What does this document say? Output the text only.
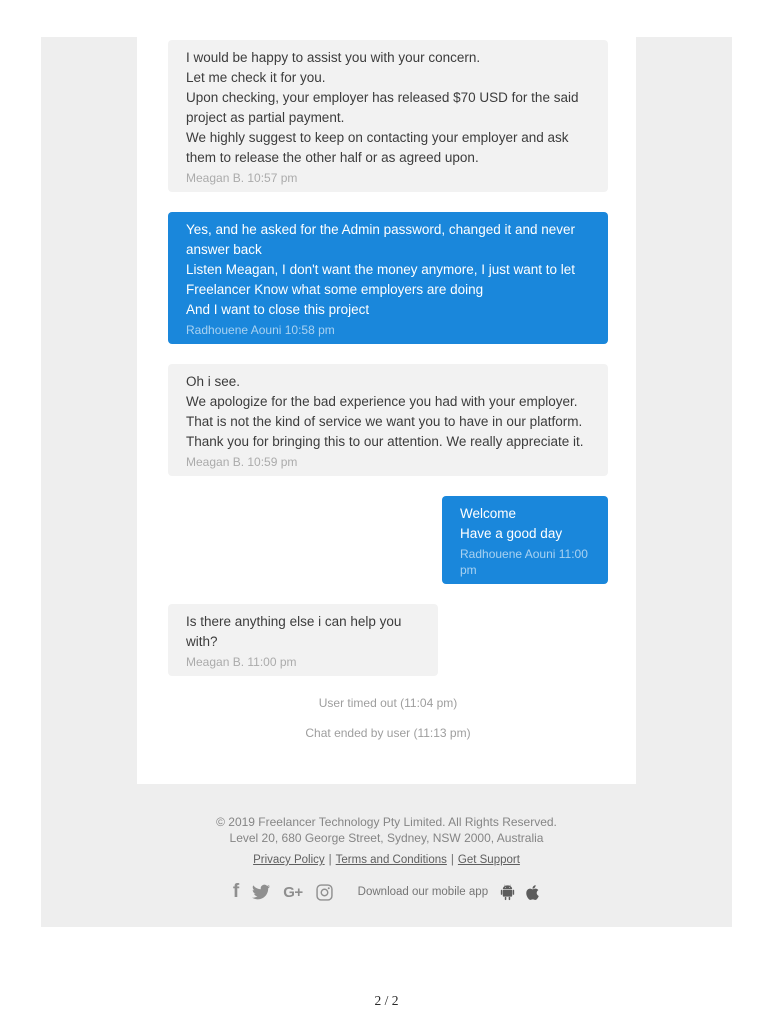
I would be happy to assist you with your concern.

Let me check it for you.

Upon checking, your employer has released $70 USD for the said project as partial payment.

We highly suggest to keep on contacting your employer and ask them to release the other half or as agreed upon.

Meagan B. 10:57 pm

Yes, and he asked for the Admin password, changed it and never answer back

Listen Meagan, I don't want the money anymore, I just want to let Freelancer Know what some employers are doing

And I want to close this project

Radhouene Aouni 10:58 pm

Oh i see.

We apologize for the bad experience you had with your employer. That is not the kind of service we want you to have in our platform.

Thank you for bringing this to our attention. We really appreciate it.

Meagan B. 10:59 pm

Welcome

Have a good day

Radhouene Aouni 11:00 pm

Is there anything else i can help you with?

Meagan B. 11:00 pm
User timed out (11:04 pm)
Chat ended by user (11:13 pm)
© 2019 Freelancer Technology Pty Limited. All Rights Reserved.
Level 20, 680 George Street, Sydney, NSW 2000, Australia
Privacy Policy | Terms and Conditions | Get Support
f	G+	Download our mobile app
2 / 2
